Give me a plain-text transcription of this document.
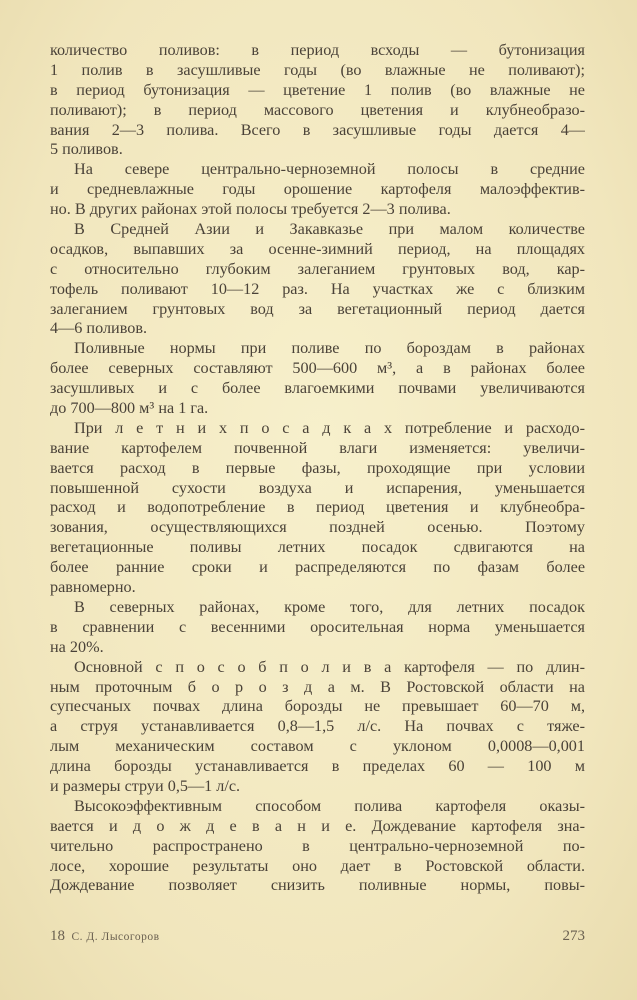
количество поливов: в период всходы — бутонизация
1 полив в засушливые годы (во влажные не поливают);
в период бутонизация — цветение 1 полив (во влажные не
поливают); в период массового цветения и клубнеобразо-
вания 2—3 полива. Всего в засушливые годы дается 4—
5 поливов.
На севере центрально-черноземной полосы в средние
и средневлажные годы орошение картофеля малоэффектив-
но. В других районах этой полосы требуется 2—3 полива.
В Средней Азии и Закавказье при малом количестве
осадков, выпавших за осенне-зимний период, на площадях
с относительно глубоким залеганием грунтовых вод, кар-
тофель поливают 10—12 раз. На участках же с близким
залеганием грунтовых вод за вегетационный период дается
4—6 поливов.
Поливные нормы при поливе по бороздам в районах
более северных составляют 500—600 м³, а в районах более
засушливых и с более влагоемкими почвами увеличиваются
до 700—800 м³ на 1 га.
При л е т н и х п о с а д к а х потребление и расходо-
вание картофелем почвенной влаги изменяется: увеличи-
вается расход в первые фазы, проходящие при условии
повышенной сухости воздуха и испарения, уменьшается
расход и водопотребление в период цветения и клубнеобра-
зования, осуществляющихся поздней осенью. Поэтому
вегетационные поливы летних посадок сдвигаются на
более ранние сроки и распределяются по фазам более
равномерно.
В северных районах, кроме того, для летних посадок
в сравнении с весенними оросительная норма уменьшается
на 20%.
Основной с п о с о б п о л и в а картофеля — по длин-
ным проточным б о р о з д а м. В Ростовской области на
супесчаных почвах длина борозды не превышает 60—70 м,
а струя устанавливается 0,8—1,5 л/с. На почвах с тяже-
лым механическим составом с уклоном 0,0008—0,001
длина борозды устанавливается в пределах 60 — 100 м
и размеры струи 0,5—1 л/с.
Высокоэффективным способом полива картофеля оказы-
вается и д о ж д е в а н и е. Дождевание картофеля зна-
чительно распространено в центрально-черноземной по-
лосе, хорошие результаты оно дает в Ростовской области.
Дождевание позволяет снизить поливные нормы, повы-
18 С. Д. Лысогоров	273
